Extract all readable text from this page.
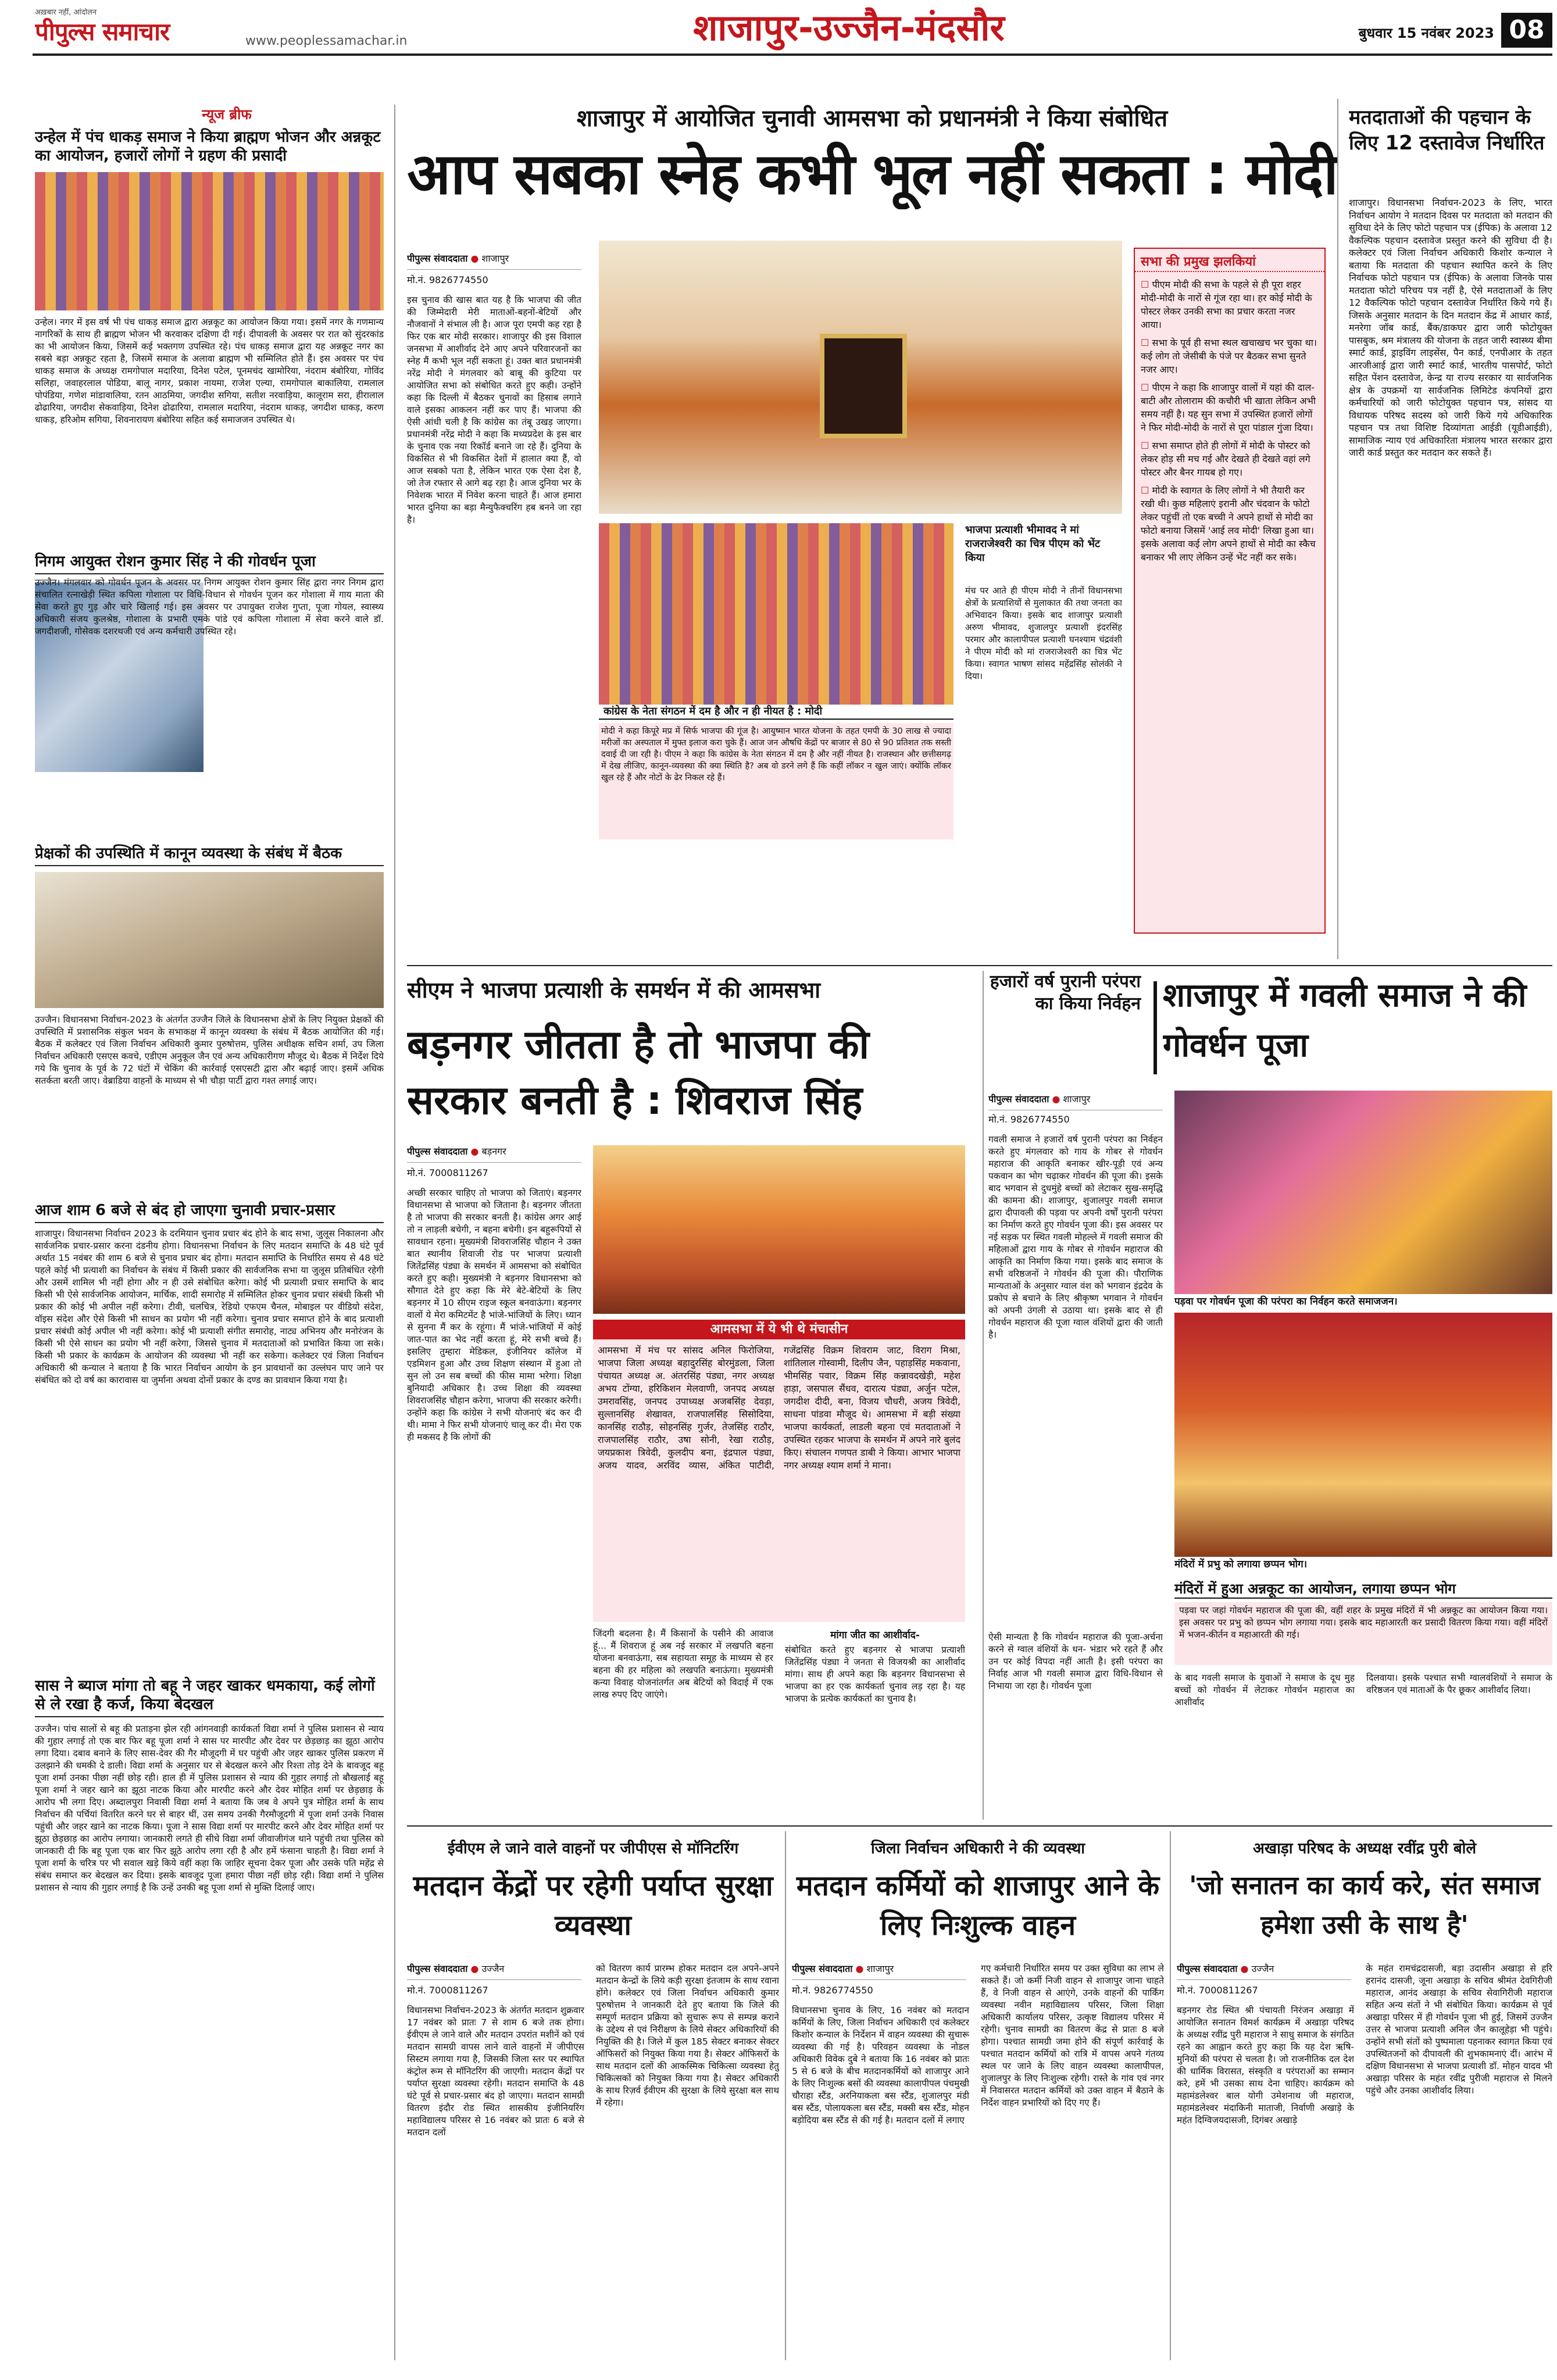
अख़बार नहीं, आंदोलन
पीपुल्स समाचार	www.peoplessamachar.in	शाजापुर-उज्जैन-मंदसौर	बुधवार 15 नवंबर 2023 08
न्यूज ब्रीफ
उन्हेल में पंच धाकड़ समाज ने किया ब्राह्मण भोजन और अन्नकूट का आयोजन, हजारों लोगों ने ग्रहण की प्रसादी
उन्हेल। नगर में इस वर्ष भी पंच धाकड़ समाज द्वारा अन्नकूट का आयोजन किया गया। इसमें नगर के गणमान्य नागरिकों के साथ ही ब्राह्मण भोजन भी करवाकर दक्षिणा दी गई। दीपावली के अवसर पर रात को सुंदरकांड का भी आयोजन किया, जिसमें कई भक्तगण उपस्थित रहे। पंच धाकड़ समाज द्वारा यह अन्नकूट नगर का सबसे बड़ा अन्नकूट रहता है, जिसमें समाज के अलावा ब्राह्मण भी सम्मिलित होते हैं। इस अवसर पर पंच धाकड़ समाज के अध्यक्ष रामगोपाल मदारिया, दिनेश पटेल, पूनमचंद खामोरिया, नंदराम बंबोरिया, गोविंद सलिहा, जवाहरलाल पोडिया, बालू नागर, प्रकाश नायमा, राजेश एल्या, रामगोपाल बाकालिया, रामलाल पोपंडिया, गणेश मांडावालिया, रतन आठमिया, जगदीश सगिया, सतीश नरवाड़िया, कालूराम सरा, हीरालाल ढोढारिया, जगदीश सेकवाड़िया, दिनेश ढोढारिया, रामलाल मदारिया, नंदराम धाकड़, जगदीश धाकड़, करण धाकड़, हरिओम सगिया, शिवनारायण बंबोरिया सहित कई समाजजन उपस्थित थे।
निगम आयुक्त रोशन कुमार सिंह ने की गोवर्धन पूजा
उज्जैन। मंगलवार को गोवर्धन पूजन के अवसर पर निगम आयुक्त रोशन कुमार सिंह द्वारा नगर निगम द्वारा संचालित रत्नाखेड़ी स्थित कपिला गोशाला पर विधि-विधान से गोवर्धन पूजन कर गोशाला में गाय माता की सेवा करते हुए गुड़ और चारे खिलाई गई। इस अवसर पर उपायुक्त राजेश गुप्ता, पूजा गोयल, स्वास्थ्य अधिकारी संजय कुलश्रेष्ठ, गोशाला के प्रभारी एमके पांडे एवं कपिला गोशाला में सेवा करने वाले डॉ. जगदीशजी, गोसेवक दशरथजी एवं अन्य कर्मचारी उपस्थित रहे।
प्रेक्षकों की उपस्थिति में कानून व्यवस्था के संबंध में बैठक
उज्जैन। विधानसभा निर्वाचन-2023 के अंतर्गत उज्जैन जिले के विधानसभा क्षेत्रों के लिए नियुक्त प्रेक्षकों की उपस्थिति में प्रशासनिक संकुल भवन के सभाकक्ष में कानून व्यवस्था के संबंध में बैठक आयोजित की गई। बैठक में कलेक्टर एवं जिला निर्वाचन अधिकारी कुमार पुरुषोत्तम, पुलिस अधीक्षक सचिन शर्मा, उप जिला निर्वाचन अधिकारी एसएस कवचे, एडीएम अनुकूल जैन एवं अन्य अधिकारीगण मौजूद थे। बैठक में निर्देश दिये गये कि चुनाव के पूर्व के 72 घंटों में चेकिंग की कार्रवाई एसएसटी द्वारा और बढ़ाई जाए। इसमें अधिक सतर्कता बरती जाए। वेब्राडिया वाहनों के माध्यम से भी चौड़ा पार्टी द्वारा गश्त लगाई जाए।
आज शाम 6 बजे से बंद हो जाएगा चुनावी प्रचार-प्रसार
शाजापुर। विधानसभा निर्वाचन 2023 के दरमियान चुनाव प्रचार बंद होने के बाद सभा, जुलूस निकालना और सार्वजनिक प्रचार-प्रसार करना दंडनीय होगा। विधानसभा निर्वाचन के लिए मतदान समाप्ति के 48 घंटे पूर्व अर्थात 15 नवंबर की शाम 6 बजे से चुनाव प्रचार बंद होगा। मतदान समाप्ति के निर्धारित समय से 48 घंटे पहले कोई भी प्रत्याशी का निर्वाचन के संबंध में किसी प्रकार की सार्वजनिक सभा या जुलूस प्रतिबंधित रहेगी और उसमें शामिल भी नहीं होगा और न ही उसे संबोधित करेगा। कोई भी प्रत्याशी प्रचार समाप्ति के बाद किसी भी ऐसे सार्वजनिक आयोजन, मार्चिक, शादी समारोह में सम्मिलित होकर चुनाव प्रचार संबंधी किसी भी प्रकार की कोई भी अपील नहीं करेगा। टीवी, चलचित्र, रेडियो एफएम चैनल, मोबाइल पर वीडियो संदेश, वॉइस संदेश और ऐसे किसी भी साधन का प्रयोग भी नहीं करेगा। चुनाव प्रचार समाप्त होने के बाद प्रत्याशी प्रचार संबंधी कोई अपील भी नहीं करेगा। कोई भी प्रत्याशी संगीत समारोह, नाट्य अभिनय और मनोरंजन के किसी भी ऐसे साधन का प्रयोग भी नहीं करेगा, जिससे चुनाव में मतदाताओं को प्रभावित किया जा सके। किसी भी प्रकार के कार्यक्रम के आयोजन की व्यवस्था भी नहीं कर सकेगा। कलेक्टर एवं जिला निर्वाचन अधिकारी श्री कन्याल ने बताया है कि भारत निर्वाचन आयोग के इन प्रावधानों का उल्लंघन पाए जाने पर संबंधित को दो वर्ष का कारावास या जुर्माना अथवा दोनों प्रकार के दण्ड का प्रावधान किया गया है।
सास ने ब्याज मांगा तो बहू ने जहर खाकर धमकाया, कई लोगों से ले रखा है कर्ज, किया बेदखल
उज्जैन। पांच सालों से बहू की प्रताड़ना झेल रही आंगनवाड़ी कार्यकर्ता विद्या शर्मा ने पुलिस प्रशासन से न्याय की गुहार लगाई तो एक बार फिर बहू पूजा शर्मा ने सास पर मारपीट और देवर पर छेड़छाड़ का झूठा आरोप लगा दिया। दबाव बनाने के लिए सास-देवर की गैर मौजूदगी में घर पहुंची और जहर खाकर पुलिस प्रकरण में उलझाने की धमकी दे डाली। विद्या शर्मा के अनुसार घर से बेदखल करने और रिश्ता तोड़ देने के बावजूद बहू पूजा शर्मा उनका पीछा नहीं छोड़ रही। हाल ही में पुलिस प्रशासन से न्याय की गुहार लगाई तो बौखलाई बहू पूजा शर्मा ने जहर खाने का झूठा नाटक किया और मारपीट करने और देवर मोहित शर्मा पर छेड़छाड़ के आरोप भी लगा दिए। अब्दालपुरा निवासी विद्या शर्मा ने बताया कि जब वे अपने पुत्र मोहित शर्मा के साथ निर्वाचन की पर्चियां वितरित करने घर से बाहर थीं, उस समय उनकी गैरमौजूदगी में पूजा शर्मा उनके निवास पहुंची और जहर खाने का नाटक किया। पूजा ने सास विद्या शर्मा पर मारपीट करने और देवर मोहित शर्मा पर झूठा छेड़छाड़ का आरोप लगाया। जानकारी लगते ही सीधे विद्या शर्मा जीवाजीगंज थाने पहुंची तथा पुलिस को जानकारी दी कि बहू पूजा एक बार फिर झूठे आरोप लगा रही है और हमें फंसाना चाहती है। विद्या शर्मा ने पूजा शर्मा के चरित्र पर भी सवाल खड़े किये वहीं कहा कि जाहिर सूचना देकर पूजा और उसके पति महेंद्र से संबंध समाप्त कर बेदखल कर दिया। इसके बावजूद पूजा हमारा पीछा नहीं छोड़ रही। विद्या शर्मा ने पुलिस प्रशासन से न्याय की गुहार लगाई है कि उन्हें उनकी बहू पूजा शर्मा से मुक्ति दिलाई जाए।
शाजापुर में आयोजित चुनावी आमसभा को प्रधानमंत्री ने किया संबोधित
आप सबका स्नेह कभी भूल नहीं सकता : मोदी
पीपुल्स संवाददाता ● शाजापुर
मो.नं. 9826774550
इस चुनाव की खास बात यह है कि भाजपा की जीत की जिम्मेदारी मेरी माताओं-बहनों-बेटियों और नौजवानों ने संभाल ली है। आज पूरा एमपी कह रहा है फिर एक बार मोदी सरकार। शाजापुर की इस विशाल जनसभा में आशीर्वाद देने आए अपने परिवारजनों का स्नेह मैं कभी भूल नहीं सकता हूं। उक्त बात प्रधानमंत्री नरेंद्र मोदी ने मंगलवार को बाबू की कुटिया पर आयोजित सभा को संबोधित करते हुए कही। उन्होंने कहा कि दिल्ली में बैठकर चुनावों का हिसाब लगाने वाले इसका आकलन नहीं कर पाए हैं। भाजपा की ऐसी आंधी चली है कि कांग्रेस का तंबू उखड़ जाएगा। प्रधानमंत्री नरेंद्र मोदी ने कहा कि मध्यप्रदेश के इस बार के चुनाव एक नया रिकॉर्ड बनाने जा रहे हैं। दुनिया के विकसित से भी विकसित देशों में हालात क्या हैं, वो आज सबको पता है, लेकिन भारत एक ऐसा देश है, जो तेज रफ्तार से आगे बढ़ रहा है। आज दुनिया भर के निवेशक भारत में निवेश करना चाहते हैं। आज हमारा भारत दुनिया का बड़ा मैन्युफैक्चरिंग हब बनने जा रहा है।
कांग्रेस के नेता संगठन में दम है और न ही नीयत है : मोदी
मोदी ने कहा किपूरे मप्र में सिर्फ भाजपा की गूंज है। आयुष्मान भारत योजना के तहत एमपी के 30 लाख से ज्यादा मरीजों का अस्पताल में मुफ्त इलाज करा चुके हैं। आज जन औषधि केंद्रों पर बाजार से 80 से 90 प्रतिशत तक सस्ती दवाई दी जा रही है। पीएम ने कहा कि कांग्रेस के नेता संगठन में दम है और नहीं नीयत है। राजस्थान और छत्तीसगढ़ में देख लीजिए, कानून-व्यवस्था की क्या स्थिति है? अब वो डरने लगे हैं कि कहीं लॉकर न खुल जाएं। क्योंकि लॉकर खुल रहे हैं और नोटों के ढेर निकल रहे हैं।
भाजपा प्रत्याशी भीमावद ने मां राजराजेश्वरी का चित्र पीएम को भेंट किया
मंच पर आते ही पीएम मोदी ने तीनों विधानसभा क्षेत्रों के प्रत्याशियों से मुलाकात की तथा जनता का अभिवादन किया। इसके बाद शाजापुर प्रत्याशी अरुण भीमावद, शुजालपुर प्रत्याशी इंदरसिंह परमार और कालापीपल प्रत्याशी घनश्याम चंद्रवंशी ने पीएम मोदी को मां राजराजेश्वरी का चित्र भेंट किया। स्वागत भाषण सांसद महेंद्रसिंह सोलंकी ने दिया।
सभा की प्रमुख झलकियां
☐ पीएम मोदी की सभा के पहले से ही पूरा शहर मोदी-मोदी के नारों से गूंज रहा था। हर कोई मोदी के पोस्टर लेकर उनकी सभा का प्रचार करता नजर आया।
☐ सभा के पूर्व ही सभा स्थल खचाखच भर चुका था। कई लोग तो जेसीबी के पंजे पर बैठकर सभा सुनते नजर आए।
☐ पीएम ने कहा कि शाजापुर वालों में यहां की दाल-बाटी और तोलाराम की कचौरी भी खाता लेकिन अभी समय नहीं है। यह सुन सभा में उपस्थित हजारों लोगों ने फिर मोदी-मोदी के नारों से पूरा पांडाल गुंजा दिया।
☐ सभा समाप्त होते ही लोगों में मोदी के पोस्टर को लेकर होड़ सी मच गई और देखते ही देखते वहां लगे पोस्टर और बैनर गायब हो गए।
☐ मोदी के स्वागत के लिए लोगों ने भी तैयारी कर रखी थी। कुछ महिलाएं इरानी और चंदवान के फोटो लेकर पहुंचीं तो एक बच्ची ने अपने हाथों से मोदी का फोटो बनाया जिसमें 'आई लव मोदी' लिखा हुआ था। इसके अलावा कई लोग अपने हाथों से मोदी का स्कैच बनाकर भी लाए लेकिन उन्हें भेंट नहीं कर सके।
मतदाताओं की पहचान के लिए 12 दस्तावेज निर्धारित
शाजापुर। विधानसभा निर्वाचन-2023 के लिए, भारत निर्वाचन आयोग ने मतदान दिवस पर मतदाता को मतदान की सुविधा देने के लिए फोटो पहचान पत्र (ईपिक) के अलावा 12 वैकल्पिक पहचान दस्तावेज प्रस्तुत करने की सुविधा दी है। कलेक्टर एवं जिला निर्वाचन अधिकारी किशोर कन्याल ने बताया कि मतदाता की पहचान स्थापित करने के लिए निर्वाचक फोटो पहचान पत्र (ईपिक) के अलावा जिनके पास मतदाता फोटो परिचय पत्र नहीं है, ऐसे मतदाताओं के लिए 12 वैकल्पिक फोटो पहचान दस्तावेज निर्धारित किये गये हैं। जिसके अनुसार मतदान के दिन मतदान केंद्र में आधार कार्ड, मनरेगा जॉब कार्ड, बैंक/डाकघर द्वारा जारी फोटोयुक्त पासबुक, श्रम मंत्रालय की योजना के तहत जारी स्वास्थ्य बीमा स्मार्ट कार्ड, ड्राइविंग लाइसेंस, पैन कार्ड, एनपीआर के तहत आरजीआई द्वारा जारी स्मार्ट कार्ड, भारतीय पासपोर्ट, फोटो सहित पेंशन दस्तावेज, केन्द्र या राज्य सरकार या सार्वजनिक क्षेत्र के उपक्रमों या सार्वजनिक लिमिटेड कंपनियों द्वारा कर्मचारियों को जारी फोटोयुक्त पहचान पत्र, सांसद या विधायक परिषद सदस्य को जारी किये गये अधिकारिक पहचान पत्र तथा विशिष्ट दिव्यांगता आईडी (यूडीआईडी), सामाजिक न्याय एवं अधिकारिता मंत्रालय भारत सरकार द्वारा जारी कार्ड प्रस्तुत कर मतदान कर सकते हैं।
सीएम ने भाजपा प्रत्याशी के समर्थन में की आमसभा
बड़नगर जीतता है तो भाजपा की सरकार बनती है : शिवराज सिंह
पीपुल्स संवाददाता ● बड़नगर
मो.नं. 7000811267
अच्छी सरकार चाहिए तो भाजपा को जिताएं। बड़नगर विधानसभा से भाजपा को जिताना है। बड़नगर जीतता है तो भाजपा की सरकार बनती है। कांग्रेस अगर आई तो न लाड़ली बचेगी, न बहना बचेगी। इन बहुरूपियों से सावधान रहना। मुख्यमंत्री शिवराजसिंह चौहान ने उक्त बात स्थानीय शिवाजी रोड पर भाजपा प्रत्याशी जितेंद्रसिंह पंड्या के समर्थन में आमसभा को संबोधित करते हुए कही। मुख्यमंत्री ने बड़नगर विधानसभा को सौगात देते हुए कहा कि मेरे बेटे-बेटियों के लिए बड़नगर में 10 सीएम राइज स्कूल बनवाऊंगा। बड़नगर वालों ये मेरा कमिटमेंट है भांजे-भांजियों के लिए। ध्यान से सुनना मैं कर के रहूंगा। मैं भांजे-भांजियों में कोई जात-पात का भेद नहीं करता हूं, मेरे सभी बच्चे हैं। इसलिए तुम्हारा मेडिकल, इंजीनियर कॉलेज में एडमिशन हुआ और उच्च शिक्षण संस्थान में हुआ तो सुन लो उन सब बच्चों की फीस मामा भरेगा। शिक्षा बुनियादी अधिकार है। उच्च शिक्षा की व्यवस्था शिवराजसिंह चौहान करेगा, भाजपा की सरकार करेगी। उन्होंने कहा कि कांग्रेस ने सभी योजनाएं बंद कर दी थी। मामा ने फिर सभी योजनाएं चालू कर दी। मेरा एक ही मकसद है कि लोगों की
आमसभा में ये भी थे मंचासीन
आमसभा में मंच पर सांसद अनिल फिरोजिया, भाजपा जिला अध्यक्ष बहादुरसिंह बोरमुंडला, जिला पंचायत अध्यक्ष अ. अंतरसिंह पंड्या, नगर अध्यक्ष अभय टोंग्या, हरिकिशन मेलवाणी, जनपद अध्यक्ष उमरावसिंह, जनपद उपाध्यक्ष अजबसिंह देवड़ा, सुल्तानसिंह शेखावत, राजपालसिंह सिसोदिया, कानसिंह राठौड़, सोहनसिंह गुर्जर, तेजसिंह राठौर, राजपालसिंह राठौर, उषा सोनी, रेखा राठौड़, जयप्रकाश त्रिवेदी, कुलदीप बना, इंद्रपाल पंड्या, अजय यादव, अरविंद व्यास, अंकित पाटीदी, गजेंद्रसिंह विक्रम शिवराम जाट, विराग मिश्रा, शांतिलाल गोस्वामी, दिलीप जैन, पहाड़सिंह मकवाना, भीमसिंह पवार, विक्रम सिंह कन्नावदखेड़ी, महेश हाड़ा, जसपाल सैंधव, दारात्य पंड्या, अर्जुन पटेल, जगदीश दीदी, बना, विजय चौधरी, अजय त्रिवेदी, साधना पांडवा मौजूद थे। आमसभा में बड़ी संख्या भाजपा कार्यकर्ता, लाडली बहना एवं मतदाताओं ने उपस्थित रहकर भाजपा के समर्थन में अपने नारे बुलंद किए। संचालन गणपत डाबी ने किया। आभार भाजपा नगर अध्यक्ष श्याम शर्मा ने माना।
जिंदगी बदलना है। मैं किसानों के पसीने की आवाज हूं... मैं शिवराज हूं अब नई सरकार में लखपति बहना योजना बनवाऊंगा, सब सहायता समूह के माध्यम से हर बहना की हर महिला को लखपति बनाऊंगा। मुख्यमंत्री कन्या विवाह योजनांतर्गत अब बेटियों को विदाई में एक लाख रुपए दिए जाएंगे।
मांगा जीत का आशीर्वाद-
संबोधित करते हुए बड़नगर से भाजपा प्रत्याशी जितेंद्रसिंह पंड्या ने जनता से विजयश्री का आशीर्वाद मांगा। साथ ही अपने कहा कि बड़नगर विधानसभा से भाजपा का हर एक कार्यकर्ता चुनाव लड़ रहा है। यह भाजपा के प्रत्येक कार्यकर्ता का चुनाव है।
हजारों वर्ष पुरानी परंपरा का किया निर्वहन शाजापुर में गवली समाज ने की गोवर्धन पूजा
पीपुल्स संवाददाता ● शाजापुर
मो.नं. 9826774550
गवली समाज ने हजारों वर्ष पुरानी परंपरा का निर्वहन करते हुए मंगलवार को गाय के गोबर से गोवर्धन महाराज की आकृति बनाकर खीर-पूड़ी एवं अन्य पकवान का भोग चढ़ाकर गोवर्धन की पूजा की। इसके बाद भगवान से दुधमुंहे बच्चों को लेटाकर सुख-समृद्धि की कामना की। शाजापुर, शुजालपुर गवली समाज द्वारा दीपावली की पड़वा पर अपनी वर्षों पुरानी परंपरा का निर्माण करते हुए गोवर्धन पूजा की। इस अवसर पर नई सड़क पर स्थित गवली मोहल्ले में गवली समाज की महिलाओं द्वारा गाय के गोबर से गोवर्धन महाराज की आकृति का निर्माण किया गया। इसके बाद समाज के सभी वरिष्ठजनों ने गोवर्धन की पूजा की। पौराणिक मान्यताओं के अनुसार ग्वाल वंश को भगवान इंद्रदेव के प्रकोप से बचाने के लिए श्रीकृष्ण भगवान ने गोवर्धन को अपनी उंगली से उठाया था। इसके बाद से ही गोवर्धन महाराज की पूजा ग्वाल वंशियों द्वारा की जाती है।
ऐसी मान्यता है कि गोवर्धन महाराज की पूजा-अर्चना करने से ग्वाल वंशियों के धन- भंडार भरे रहते हैं और उन पर कोई विपदा नहीं आती है। इसी परंपरा का निर्वाह आज भी गवली समाज द्वारा विधि-विधान से निभाया जा रहा है। गोवर्धन पूजा
पड़वा पर गोवर्धन पूजा की परंपरा का निर्वहन करते समाजजन।
मंदिरों में प्रभु को लगाया छप्पन भोग।
मंदिरों में हुआ अन्नकूट का आयोजन, लगाया छप्पन भोग
पड़वा पर जहां गोवर्धन महाराज की पूजा की, वहीं शहर के प्रमुख मंदिरों में भी अन्नकूट का आयोजन किया गया। इस अवसर पर प्रभु को छप्पन भोग लगाया गया। इसके बाद महाआरती कर प्रसादी वितरण किया गया। वहीं मंदिरों में भजन-कीर्तन व महाआरती की गई।
के बाद गवली समाज के युवाओं ने समाज के दूध मुह बच्चों को गोवर्धन में लेटाकर गोवर्धन महाराज का आशीर्वाद
दिलवाया। इसके पश्चात सभी ग्वालवंशियों ने समाज के वरिष्ठजन एवं माताओं के पैर छूकर आशीर्वाद लिया।
ईवीएम ले जाने वाले वाहनों पर जीपीएस से मॉनिटरिंग
मतदान केंद्रों पर रहेगी पर्याप्त सुरक्षा व्यवस्था
पीपुल्स संवाददाता ● उज्जैन
मो.नं. 7000811267
विधानसभा निर्वाचन-2023 के अंतर्गत मतदान शुक्रवार 17 नवंबर को प्रातः 7 से शाम 6 बजे तक होगा। ईवीएम ले जाने वाले और मतदान उपरांत मशीनें को एवं मतदान सामग्री वापस लाने वाले वाहनों में जीपीएस सिस्टम लगाया गया है, जिसकी जिला स्तर पर स्थापित कंट्रोल रूम से मॉनिटरिंग की जाएगी। मतदान केंद्रों पर पर्याप्त सुरक्षा व्यवस्था रहेगी। मतदान समाप्ति के 48 घंटे पूर्व से प्रचार-प्रसार बंद हो जाएगा। मतदान सामग्री वितरण इंदौर रोड स्थित शासकीय इंजीनियरिंग महाविद्यालय परिसर से 16 नवंबर को प्रातः 6 बजे से मतदान दलों
को वितरण कार्य प्रारम्भ होकर मतदान दल अपने-अपने मतदान केन्द्रों के लिये कड़ी सुरक्षा इंतजाम के साथ रवाना होंगे। कलेक्टर एवं जिला निर्वाचन अधिकारी कुमार पुरुषोत्तम ने जानकारी देते हुए बताया कि जिले की सम्पूर्ण मतदान प्रक्रिया को सुचारू रूप से सम्पन्न कराने के उद्देश्य से एवं निरीक्षण के लिये सेक्टर अधिकारियों की नियुक्ति की है। जिले में कुल 185 सेक्टर बनाकर सेक्टर ऑफिसरों को नियुक्त किया गया है। सेक्टर ऑफिसरों के साथ मतदान दलों की आकस्मिक चिकित्सा व्यवस्था हेतु चिकित्सकों को नियुक्त किया गया है। सेक्टर अधिकारी के साथ रिज़र्व ईवीएम की सुरक्षा के लिये सुरक्षा बल साथ में रहेगा।
जिला निर्वाचन अधिकारी ने की व्यवस्था
मतदान कर्मियों को शाजापुर आने के लिए निःशुल्क वाहन
पीपुल्स संवाददाता ● शाजापुर
मो.नं. 9826774550
विधानसभा चुनाव के लिए, 16 नवंबर को मतदान कर्मियों के लिए, जिला निर्वाचन अधिकारी एवं कलेक्टर किशोर कन्याल के निर्देशन में वाहन व्यवस्था की सुचारू व्यवस्था की गई है। परिवहन व्यवस्था के नोडल अधिकारी विवेक दुबे ने बताया कि 16 नवंबर को प्रातः 5 से 6 बजे के बीच मतदानकर्मियों को शाजापुर आने के लिए निःशुल्क बसों की व्यवस्था कालापीपल पंचमुखी चौराहा स्टैंड, अरनियाकला बस स्टैंड, शुजालपुर मंडी बस स्टैंड, पोलायकला बस स्टैंड, मक्सी बस स्टैंड, मोहन बड़ोदिया बस स्टैंड से की गई है। मतदान दलों में लगाए
गए कर्मचारी निर्धारित समय पर उक्त सुविधा का लाभ ले सकते हैं। जो कर्मी निजी वाहन से शाजापुर जाना चाहते हैं, वे निजी वाहन से आएंगे, उनके वाहनों की पार्किंग व्यवस्था नवीन महाविद्यालय परिसर, जिला शिक्षा अधिकारी कार्यालय परिसर, उत्कृष्ट विद्यालय परिसर में रहेगी। चुनाव सामग्री का वितरण केंद्र से प्रातः 8 बजे होगा। पश्चात सामग्री जमा होने की संपूर्ण कार्रवाई के पश्चात मतदान कर्मियों को रात्रि में वापस अपने गंतव्य स्थल पर जाने के लिए वाहन व्यवस्था कालापीपल, शुजालपुर के लिए निःशुल्क रहेगी। रास्ते के गांव एवं नगर में निवासरत मतदान कर्मियों को उक्त वाहन में बैठाने के निर्देश वाहन प्रभारियों को दिए गए हैं।
अखाड़ा परिषद के अध्यक्ष रवींद्र पुरी बोले
'जो सनातन का कार्य करे, संत समाज हमेशा उसी के साथ है'
पीपुल्स संवाददाता ● उज्जैन
मो.नं. 7000811267
बड़नगर रोड स्थित श्री पंचायती निरंजन अखाड़ा में आयोजित सनातन विमर्श कार्यक्रम में अखाड़ा परिषद के अध्यक्ष रवींद्र पुरी महाराज ने साधु समाज के संगठित रहने का आह्वान करते हुए कहा कि यह देश ऋषि-मुनियों की परंपरा से चलता है। जो राजनीतिक दल देश की धार्मिक विरासत, संस्कृति व परंपराओं का सम्मान करे, हमें भी उसका साथ देना चाहिए। कार्यक्रम को महामंडलेश्वर बाल योगी उमेशनाथ जी महाराज, महामंडलेश्वर मंदाकिनी माताजी, निर्वाणी अखाड़े के महंत दिग्विजयदासजी, दिगंबर अखाड़े
के महंत रामचंद्रदासजी, बड़ा उदासीन अखाड़ा से हरि हरानंद दासजी, जूना अखाड़ा के सचिव श्रीमंत देवगिरीजी महाराज, आनंद अखाड़ा के सचिव सेवागिरीजी महाराज सहित अन्य संतों ने भी संबोधित किया। कार्यक्रम से पूर्व अखाड़ा परिसर में ही गोवर्धन पूजा भी हुई, जिसमें उज्जैन उत्तर से भाजपा प्रत्याशी अनिल जैन कालूहेड़ा भी पहुंचे। उन्होंने सभी संतों को पुष्पमाला पहनाकर स्वागत किया एवं उपस्थितजनों को दीपावली की शुभकामनाएं दीं। आरंभ में दक्षिण विधानसभा से भाजपा प्रत्याशी डॉ. मोहन यादव भी अखाड़ा परिसर के महंत रवींद्र पुरीजी महाराज से मिलने पहुंचे और उनका आशीर्वाद लिया।
